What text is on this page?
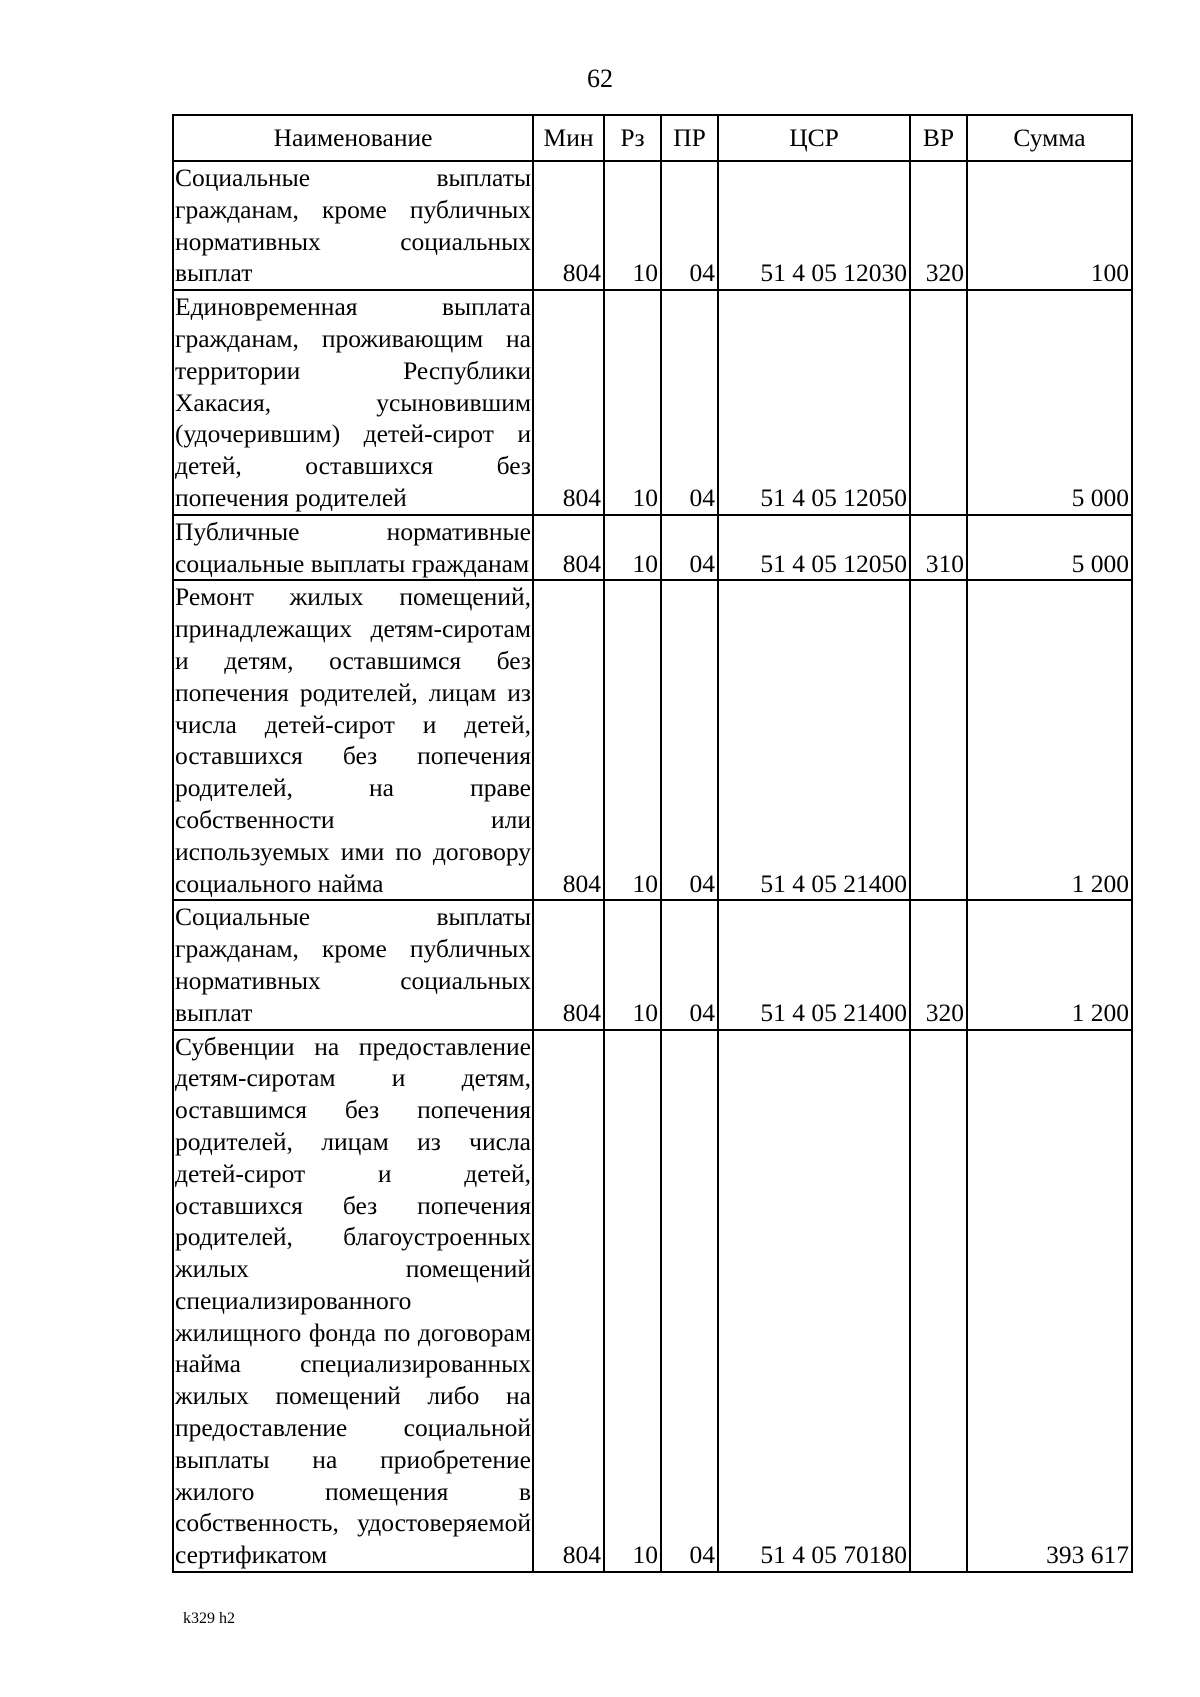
62
Наименование	Мин	Рз	ПР	ЦСР	ВР	Сумма
Социальные выплаты гражданам, кроме публичных нормативных социальных выплат	804	10	04	51 4 05 12030	320	100
Единовременная выплата гражданам, проживающим на территории Республики Хакасия, усыновившим (удочерившим) детей-сирот и детей, оставшихся без попечения родителей	804	10	04	51 4 05 12050		5 000
Публичные нормативные социальные выплаты гражданам	804	10	04	51 4 05 12050	310	5 000
Ремонт жилых помещений, принадлежащих детям-сиротам и детям, оставшимся без попечения родителей, лицам из числа детей-сирот и детей, оставшихся без попечения родителей, на праве собственности или используемых ими по договору социального найма	804	10	04	51 4 05 21400		1 200
Социальные выплаты гражданам, кроме публичных нормативных социальных выплат	804	10	04	51 4 05 21400	320	1 200
Субвенции на предоставление детям-сиротам и детям, оставшимся без попечения родителей, лицам из числа детей-сирот и детей, оставшихся без попечения родителей, благоустроенных жилых помещений специализированного жилищного фонда по договорам найма специализированных жилых помещений либо на предоставление социальной выплаты на приобретение жилого помещения в собственность, удостоверяемой сертификатом	804	10	04	51 4 05 70180		393 617
k329 h2
